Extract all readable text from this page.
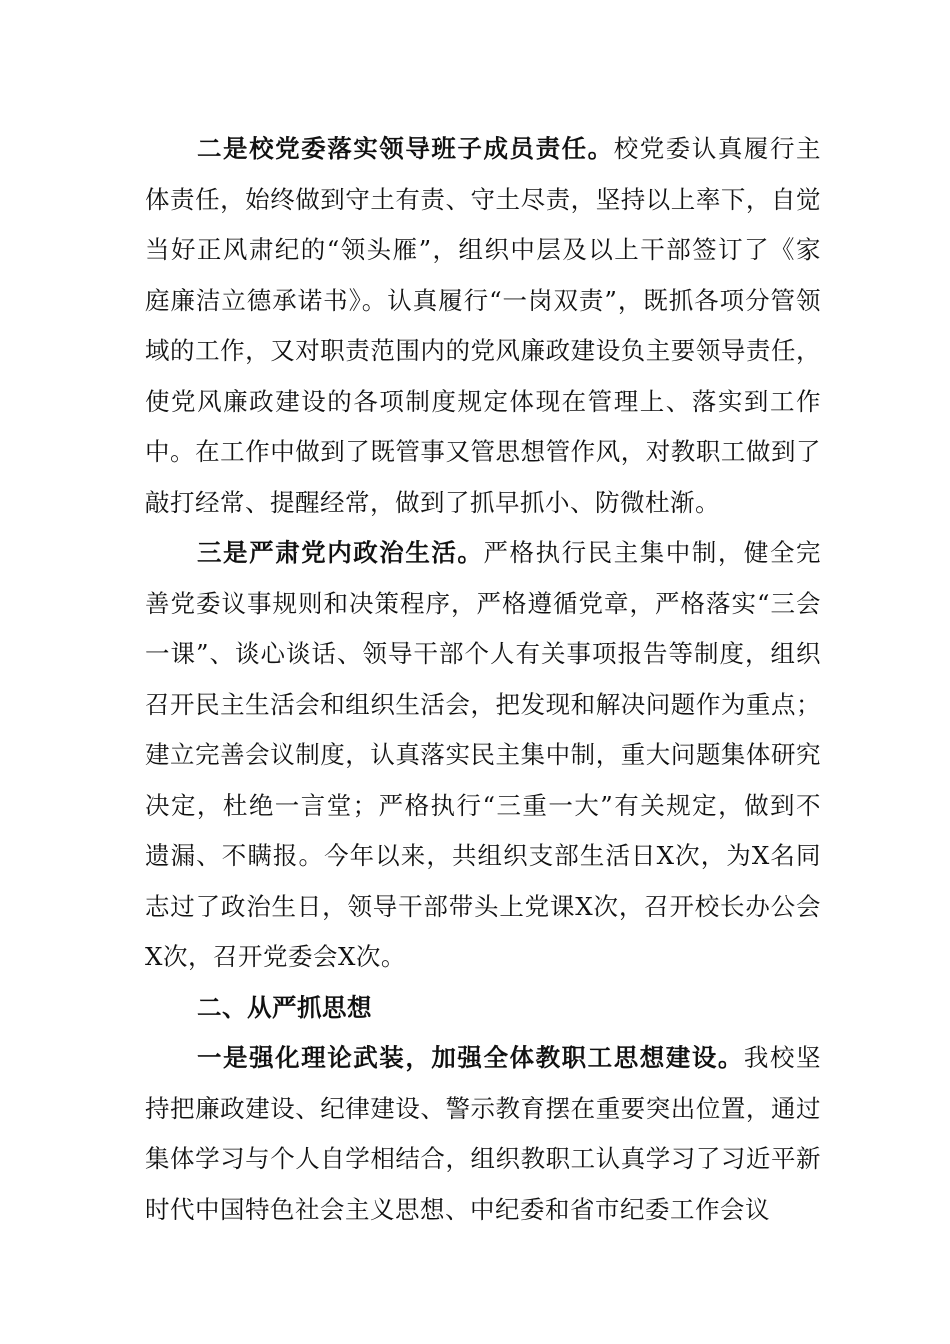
二是校党委落实领导班子成员责任。校党委认真履行主体责任，始终做到守土有责、守土尽责，坚持以上率下，自觉当好正风肃纪的“领头雁”，组织中层及以上干部签订了《家庭廉洁立德承诺书》。认真履行“一岗双责”，既抓各项分管领域的工作，又对职责范围内的党风廉政建设负主要领导责任，使党风廉政建设的各项制度规定体现在管理上、落实到工作中。在工作中做到了既管事又管思想管作风，对教职工做到了敲打经常、提醒经常，做到了抓早抓小、防微杜渐。

三是严肃党内政治生活。严格执行民主集中制，健全完善党委议事规则和决策程序，严格遵循党章，严格落实“三会一课”、谈心谈话、领导干部个人有关事项报告等制度，组织召开民主生活会和组织生活会，把发现和解决问题作为重点；建立完善会议制度，认真落实民主集中制，重大问题集体研究决定，杜绝一言堂；严格执行“三重一大”有关规定，做到不遗漏、不瞒报。今年以来，共组织支部生活日X次，为X名同志过了政治生日，领导干部带头上党课X次，召开校长办公会X次，召开党委会X次。

二、从严抓思想

一是强化理论武装，加强全体教职工思想建设。我校坚持把廉政建设、纪律建设、警示教育摆在重要突出位置，通过集体学习与个人自学相结合，组织教职工认真学习了习近平新时代中国特色社会主义思想、中纪委和省市纪委工作会议
